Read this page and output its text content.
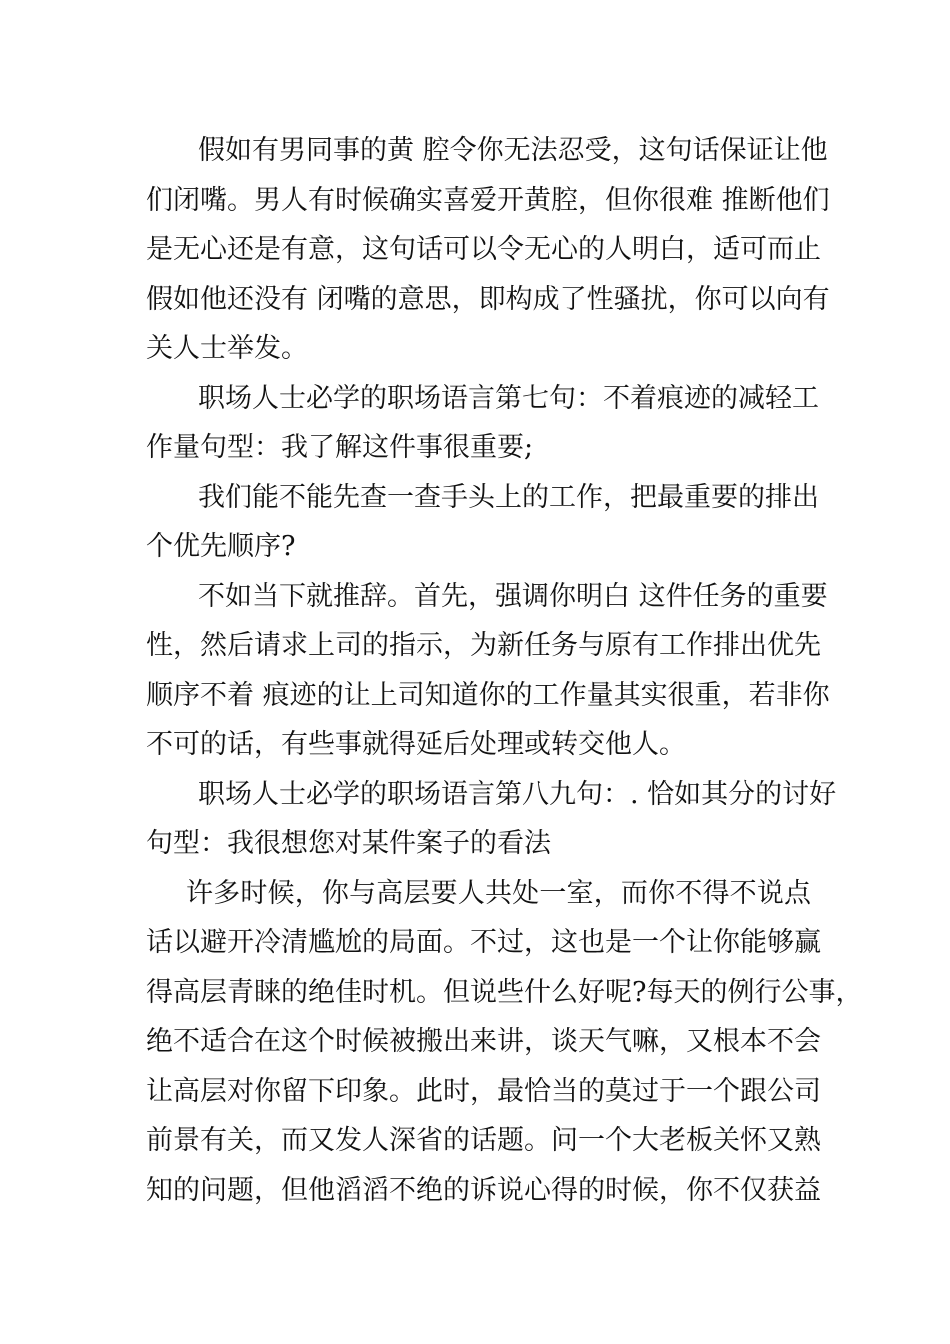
假如有男同事的黄 腔令你无法忍受，这句话保证让他
们闭嘴。男人有时候确实喜爱开黄腔，但你很难 推断他们
是无心还是有意，这句话可以令无心的人明白，适可而止
假如他还没有 闭嘴的意思，即构成了性骚扰，你可以向有
关人士举发。
职场人士必学的职场语言第七句：不着痕迹的减轻工
作量句型：我了解这件事很重要;
我们能不能先查一查手头上的工作，把最重要的排出
个优先顺序?
不如当下就推辞。首先，强调你明白 这件任务的重要
性，然后请求上司的指示，为新任务与原有工作排出优先
顺序不着 痕迹的让上司知道你的工作量其实很重，若非你
不可的话，有些事就得延后处理或转交他人。
职场人士必学的职场语言第八九句：. 恰如其分的讨好
句型：我很想您对某件案子的看法
许多时候，你与高层要人共处一室，而你不得不说点
话以避开冷清尴尬的局面。不过，这也是一个让你能够赢
得高层青睐的绝佳时机。但说些什么好呢?每天的例行公事，
绝不适合在这个时候被搬出来讲，谈天气嘛，又根本不会
让高层对你留下印象。此时，最恰当的莫过于一个跟公司
前景有关，而又发人深省的话题。问一个大老板关怀又熟
知的问题，但他滔滔不绝的诉说心得的时候，你不仅获益
